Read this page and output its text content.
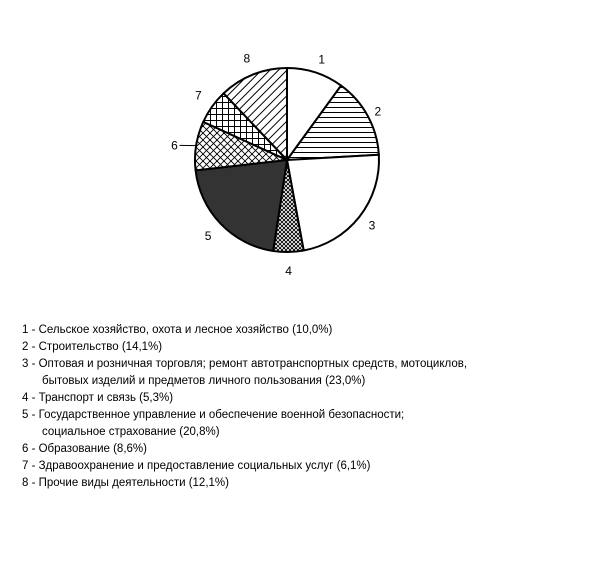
1
2
3
4
5
6
7
8
1 - Сельское хозяйство, охота и лесное хозяйство (10,0%)
2 - Строительство (14,1%)
3 - Оптовая и розничная торговля; ремонт автотранспортных средств, мотоциклов,
бытовых изделий и предметов личного пользования (23,0%)
4 - Транспорт и связь (5,3%)
5 - Государственное управление и обеспечение военной безопасности;
социальное страхование (20,8%)
6 - Образование (8,6%)
7 - Здравоохранение и предоставление социальных услуг (6,1%)
8 - Прочие виды деятельности (12,1%)
